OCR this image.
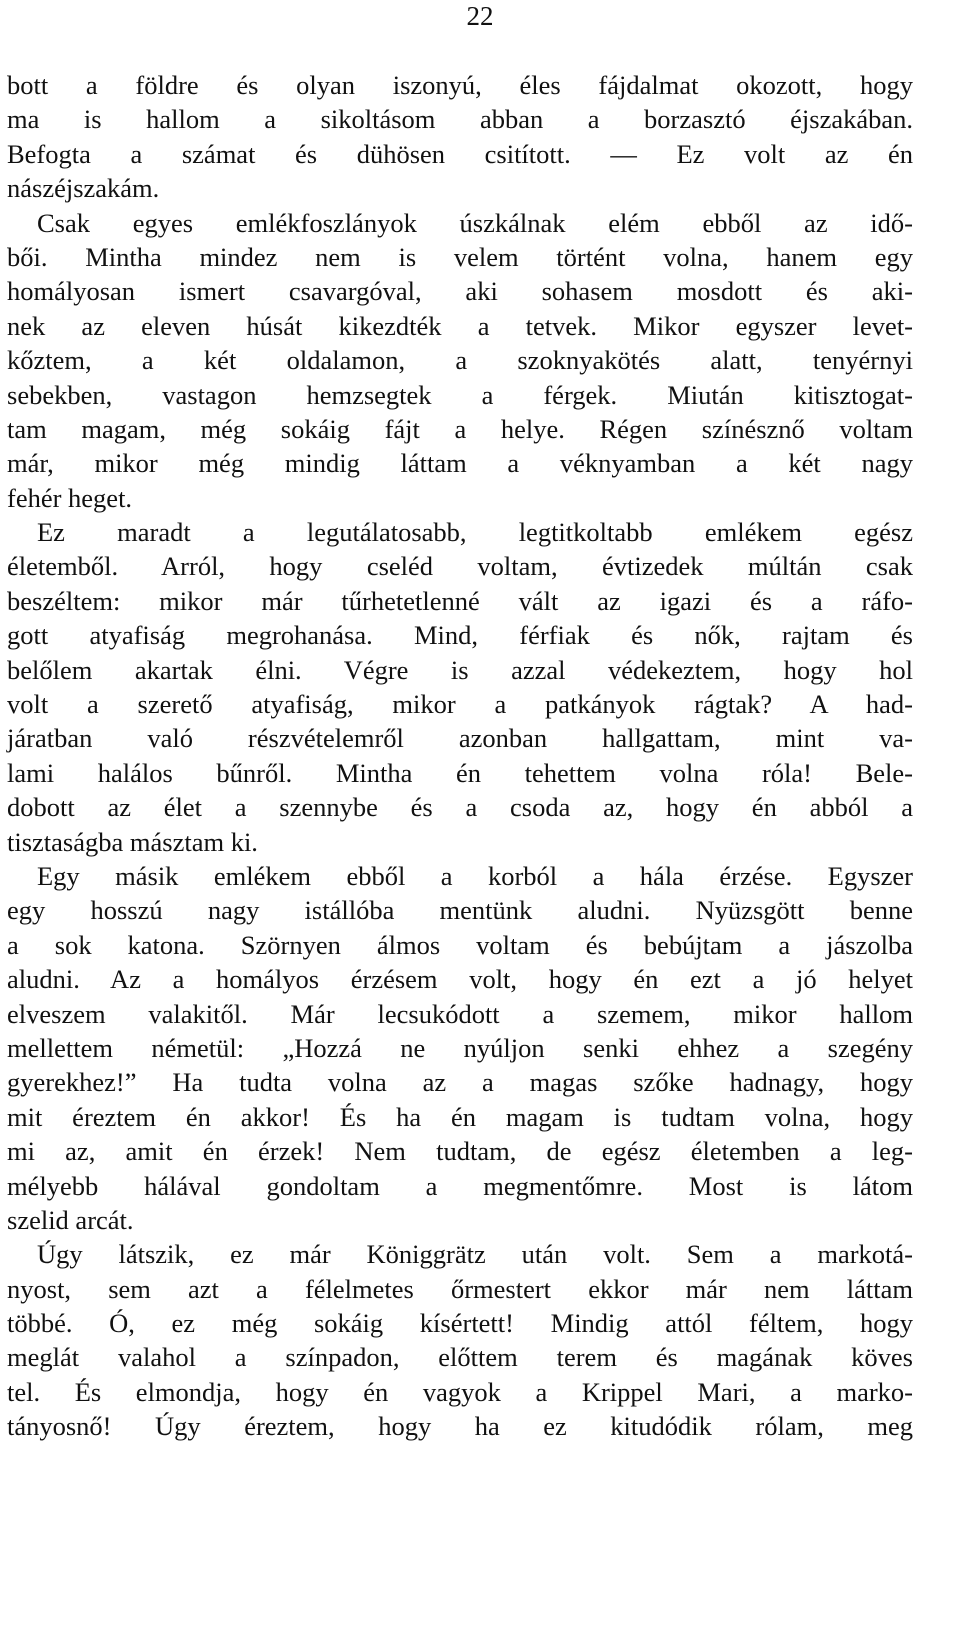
22
bott a földre és olyan iszonyú, éles fájdalmat okozott, hogy
ma is hallom a sikoltásom abban a borzasztó éjszakában.
Befogta a számat és dühösen csitított. — Ez volt az én
nászéjszakám.
Csak egyes emlékfoszlányok úszkálnak elém ebből az idő-
bői. Mintha mindez nem is velem történt volna, hanem egy
homályosan ismert csavargóval, aki sohasem mosdott és aki-
nek az eleven húsát kikezdték a tetvek. Mikor egyszer levet-
kőztem, a két oldalamon, a szoknyakötés alatt, tenyérnyi
sebekben, vastagon hemzsegtek a férgek. Miután kitisztogat-
tam magam, még sokáig fájt a helye. Régen színésznő voltam
már, mikor még mindig láttam a véknyamban a két nagy
fehér heget.
Ez maradt a legutálatosabb, legtitkoltabb emlékem egész
életemből. Arról, hogy cseléd voltam, évtizedek múltán csak
beszéltem: mikor már tűrhetetlenné vált az igazi és a ráfo-
gott atyafiság megrohanása. Mind, férfiak és nők, rajtam és
belőlem akartak élni. Végre is azzal védekeztem, hogy hol
volt a szerető atyafiság, mikor a patkányok rágtak? A had-
járatban való részvételemről azonban hallgattam, mint va-
lami halálos bűnről. Mintha én tehettem volna róla! Bele-
dobott az élet a szennybe és a csoda az, hogy én abból a
tisztaságba másztam ki.
Egy másik emlékem ebből a korból a hála érzése. Egyszer
egy hosszú nagy istállóba mentünk aludni. Nyüzsgött benne
a sok katona. Szörnyen álmos voltam és bebújtam a jászolba
aludni. Az a homályos érzésem volt, hogy én ezt a jó helyet
elveszem valakitől. Már lecsukódott a szemem, mikor hallom
mellettem németül: „Hozzá ne nyúljon senki ehhez a szegény
gyerekhez!” Ha tudta volna az a magas szőke hadnagy, hogy
mit éreztem én akkor! És ha én magam is tudtam volna, hogy
mi az, amit én érzek! Nem tudtam, de egész életemben a leg-
mélyebb hálával gondoltam a megmentőmre. Most is látom
szelid arcát.
Úgy látszik, ez már Königgrätz után volt. Sem a markotá-
nyost, sem azt a félelmetes őrmestert ekkor már nem láttam
többé. Ó, ez még sokáig kísértett! Mindig attól féltem, hogy
meglát valahol a színpadon, előttem terem és magának köves
tel. És elmondja, hogy én vagyok a Krippel Mari, a marko-
tányosnő! Úgy éreztem, hogy ha ez kitudódik rólam, meg
